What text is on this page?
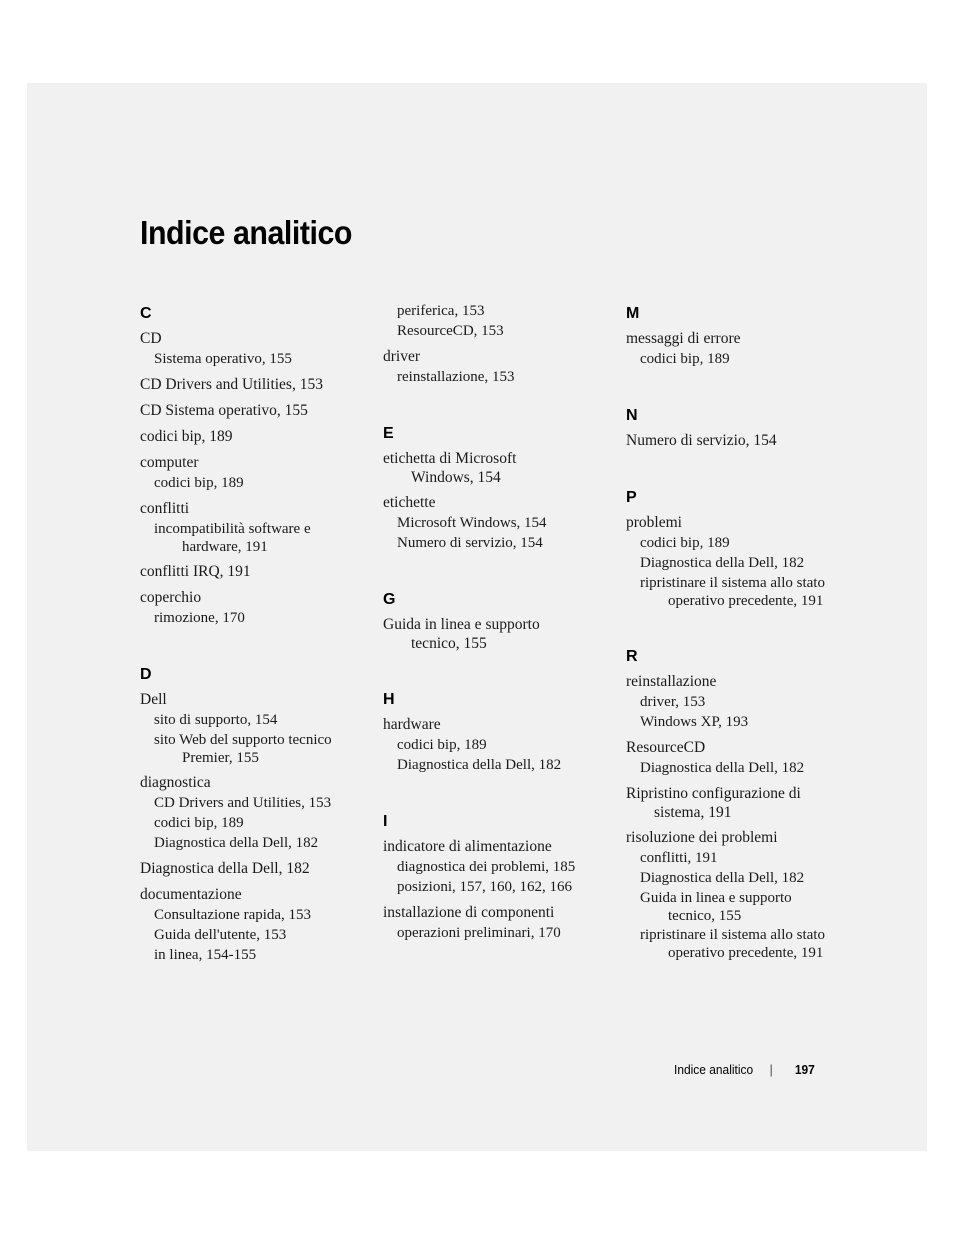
Indice analitico
C
CD
Sistema operativo, 155
CD Drivers and Utilities, 153
CD Sistema operativo, 155
codici bip, 189
computer
codici bip, 189
conflitti
incompatibilità software e
hardware, 191
conflitti IRQ, 191
coperchio
rimozione, 170
D
Dell
sito di supporto, 154
sito Web del supporto tecnico
Premier, 155
diagnostica
CD Drivers and Utilities, 153
codici bip, 189
Diagnostica della Dell, 182
Diagnostica della Dell, 182
documentazione
Consultazione rapida, 153
Guida dell'utente, 153
in linea, 154-155
periferica, 153
ResourceCD, 153
driver
reinstallazione, 153
E
etichetta di Microsoft
Windows, 154
etichette
Microsoft Windows, 154
Numero di servizio, 154
G
Guida in linea e supporto
tecnico, 155
H
hardware
codici bip, 189
Diagnostica della Dell, 182
I
indicatore di alimentazione
diagnostica dei problemi, 185
posizioni, 157, 160, 162, 166
installazione di componenti
operazioni preliminari, 170
M
messaggi di errore
codici bip, 189
N
Numero di servizio, 154
P
problemi
codici bip, 189
Diagnostica della Dell, 182
ripristinare il sistema allo stato
operativo precedente, 191
R
reinstallazione
driver, 153
Windows XP, 193
ResourceCD
Diagnostica della Dell, 182
Ripristino configurazione di
sistema, 191
risoluzione dei problemi
conflitti, 191
Diagnostica della Dell, 182
Guida in linea e supporto
tecnico, 155
ripristinare il sistema allo stato
operativo precedente, 191
Indice analitico | 197
